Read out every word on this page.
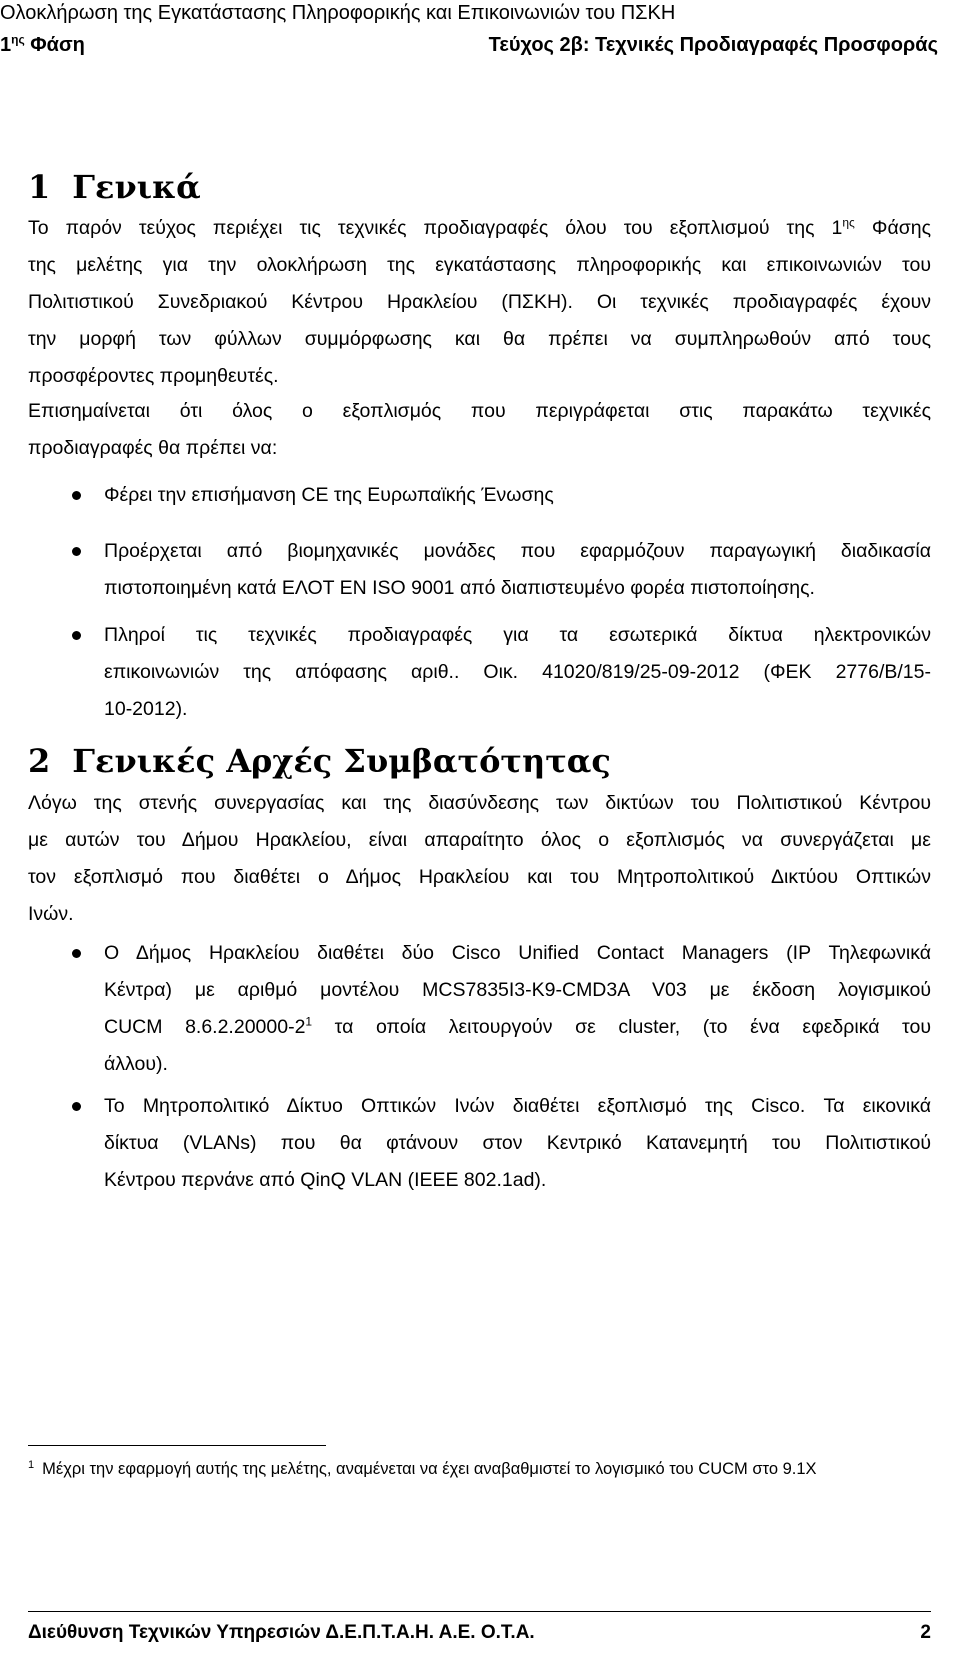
Ολοκλήρωση της Εγκατάστασης Πληροφορικής και Επικοινωνιών του ΠΣΚΗ
$1^{\eta\varsigma}$ Φάση	Τεύχος 2β: Τεχνικές Προδιαγραφές Προσφοράς
1 Γενικά
Το παρόν τεύχος περιέχει τις τεχνικές προδιαγραφές όλου του εξοπλισμού της $1^{\eta\varsigma}$ Φάσης
της μελέτης για την ολοκλήρωση της εγκατάστασης πληροφορικής και επικοινωνιών του
Πολιτιστικού Συνεδριακού Κέντρου Ηρακλείου (ΠΣΚΗ). Οι τεχνικές προδιαγραφές έχουν
την μορφή των φύλλων συμμόρφωσης και θα πρέπει να συμπληρωθούν από τους
προσφέροντες προμηθευτές.
Επισημαίνεται ότι όλος ο εξοπλισμός που περιγράφεται στις παρακάτω τεχνικές
προδιαγραφές θα πρέπει να:
Φέρει την επισήμανση CE της Ευρωπαϊκής Ένωσης
Προέρχεται από βιομηχανικές μονάδες που εφαρμόζουν παραγωγική διαδικασία
πιστοποιημένη κατά ΕΛΟΤ ΕΝ ISO 9001 από διαπιστευμένο φορέα πιστοποίησης.
Πληροί τις τεχνικές προδιαγραφές για τα εσωτερικά δίκτυα ηλεκτρονικών
επικοινωνιών της απόφασης αριθ.. Οικ. 41020/819/25-09-2012 (ΦΕΚ 2776/Β/15-
10-2012).
2 Γενικές Αρχές Συμβατότητας
Λόγω της στενής συνεργασίας και της διασύνδεσης των δικτύων του Πολιτιστικού Κέντρου
με αυτών του Δήμου Ηρακλείου, είναι απαραίτητο όλος ο εξοπλισμός να συνεργάζεται με
τον εξοπλισμό που διαθέτει ο Δήμος Ηρακλείου και του Μητροπολιτικού Δικτύου Οπτικών
Ινών.
Ο Δήμος Ηρακλείου διαθέτει δύο Cisco Unified Contact Managers (IP Τηλεφωνικά
Κέντρα) με αριθμό μοντέλου MCS7835I3-K9-CMD3A V03 με έκδοση λογισμικού
CUCM $8.6.2.20000-2^1$ τα οποία λειτουργούν σε cluster, (το ένα εφεδρικά του
άλλου).
Το Μητροπολιτικό Δίκτυο Οπτικών Ινών διαθέτει εξοπλισμό της Cisco. Τα εικονικά
δίκτυα (VLANs) που θα φτάνουν στον Κεντρικό Κατανεμητή του Πολιτιστικού
Κέντρου περνάνε από QinQ VLAN (IEEE 802.1ad).
$^1$ Μέχρι την εφαρμογή αυτής της μελέτης, αναμένεται να έχει αναβαθμιστεί το λογισμικό του CUCM στο 9.1X
Διεύθυνση Τεχνικών Υπηρεσιών Δ.Ε.Π.Τ.Α.Η. Α.Ε. Ο.Τ.Α.	2
